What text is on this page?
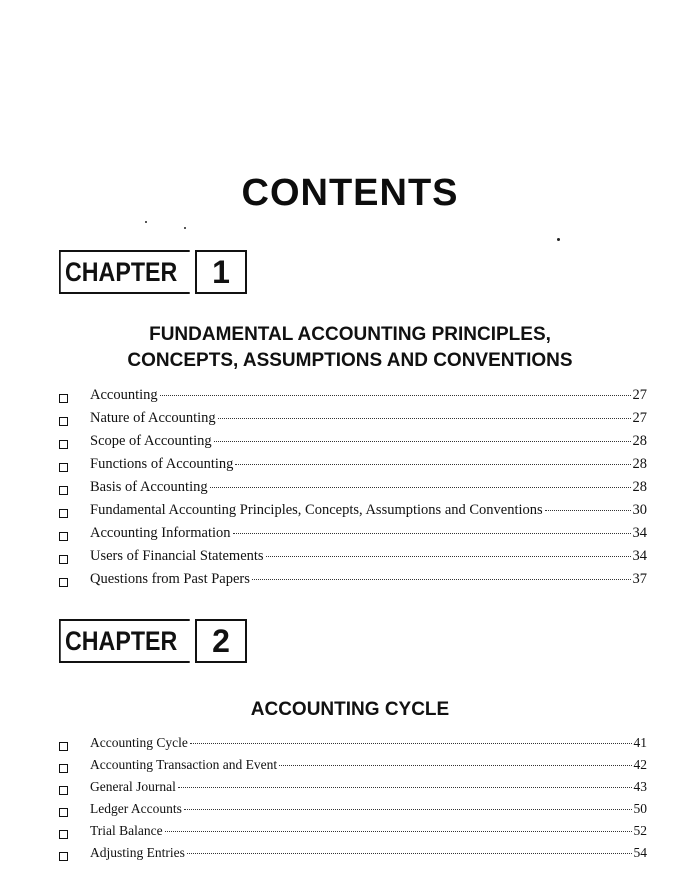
CONTENTS
CHAPTER	1
FUNDAMENTAL ACCOUNTING PRINCIPLES,
CONCEPTS, ASSUMPTIONS AND CONVENTIONS
Accounting	27
Nature of Accounting	27
Scope of Accounting	28
Functions of Accounting	28
Basis of Accounting	28
Fundamental Accounting Principles, Concepts, Assumptions and Conventions	30
Accounting Information	34
Users of Financial Statements	34
Questions from Past Papers	37
CHAPTER	2
ACCOUNTING CYCLE
Accounting Cycle	41
Accounting Transaction and Event	42
General Journal	43
Ledger Accounts	50
Trial Balance	52
Adjusting Entries	54
